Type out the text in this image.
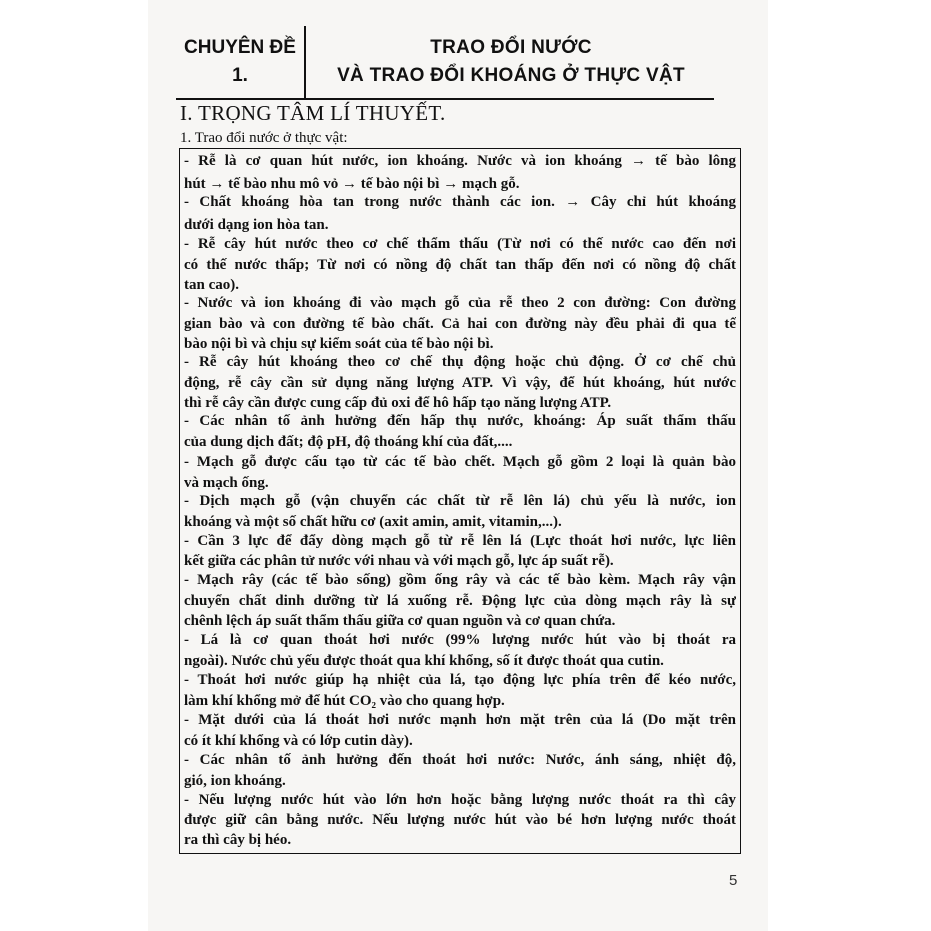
CHUYÊN ĐỀ
1.
TRAO ĐỔI NƯỚC
VÀ TRAO ĐỔI KHOÁNG Ở THỰC VẬT
I. TRỌNG TÂM LÍ THUYẾT.
1. Trao đổi nước ở thực vật:
- Rễ là cơ quan hút nước, ion khoáng. Nước và ion khoáng → tế bào lông
hút → tế bào nhu mô vỏ → tế bào nội bì → mạch gỗ.
- Chất khoáng hòa tan trong nước thành các ion. → Cây chỉ hút khoáng
dưới dạng ion hòa tan.
- Rễ cây hút nước theo cơ chế thẩm thấu (Từ nơi có thế nước cao đến nơi
có thế nước thấp; Từ nơi có nồng độ chất tan thấp đến nơi có nồng độ chất
tan cao).
- Nước và ion khoáng đi vào mạch gỗ của rễ theo 2 con đường: Con đường
gian bào và con đường tế bào chất. Cả hai con đường này đều phải đi qua tế
bào nội bì và chịu sự kiểm soát của tế bào nội bì.
- Rễ cây hút khoáng theo cơ chế thụ động hoặc chủ động. Ở cơ chế chủ
động, rễ cây cần sử dụng năng lượng ATP. Vì vậy, để hút khoáng, hút nước
thì rễ cây cần được cung cấp đủ oxi để hô hấp tạo năng lượng ATP.
- Các nhân tố ảnh hưởng đến hấp thụ nước, khoáng: Áp suất thẩm thấu
của dung dịch đất; độ pH, độ thoáng khí của đất,....
- Mạch gỗ được cấu tạo từ các tế bào chết. Mạch gỗ gồm 2 loại là quản bào
và mạch ống.
- Dịch mạch gỗ (vận chuyển các chất từ rễ lên lá) chủ yếu là nước, ion
khoáng và một số chất hữu cơ (axit amin, amit, vitamin,...).
- Cần 3 lực để đẩy dòng mạch gỗ từ rễ lên lá (Lực thoát hơi nước, lực liên
kết giữa các phân tử nước với nhau và với mạch gỗ, lực áp suất rễ).
- Mạch rây (các tế bào sống) gồm ống rây và các tế bào kèm. Mạch rây vận
chuyển chất dinh dưỡng từ lá xuống rễ. Động lực của dòng mạch rây là sự
chênh lệch áp suất thẩm thấu giữa cơ quan nguồn và cơ quan chứa.
- Lá là cơ quan thoát hơi nước (99% lượng nước hút vào bị thoát ra
ngoài). Nước chủ yếu được thoát qua khí khổng, số ít được thoát qua cutin.
- Thoát hơi nước giúp hạ nhiệt của lá, tạo động lực phía trên để kéo nước,
làm khí khổng mở để hút CO₂ vào cho quang hợp.
- Mặt dưới của lá thoát hơi nước mạnh hơn mặt trên của lá (Do mặt trên
có ít khí khổng và có lớp cutin dày).
- Các nhân tố ảnh hưởng đến thoát hơi nước: Nước, ánh sáng, nhiệt độ,
gió, ion khoáng.
- Nếu lượng nước hút vào lớn hơn hoặc bằng lượng nước thoát ra thì cây
được giữ cân bằng nước. Nếu lượng nước hút vào bé hơn lượng nước thoát
ra thì cây bị héo.
5
